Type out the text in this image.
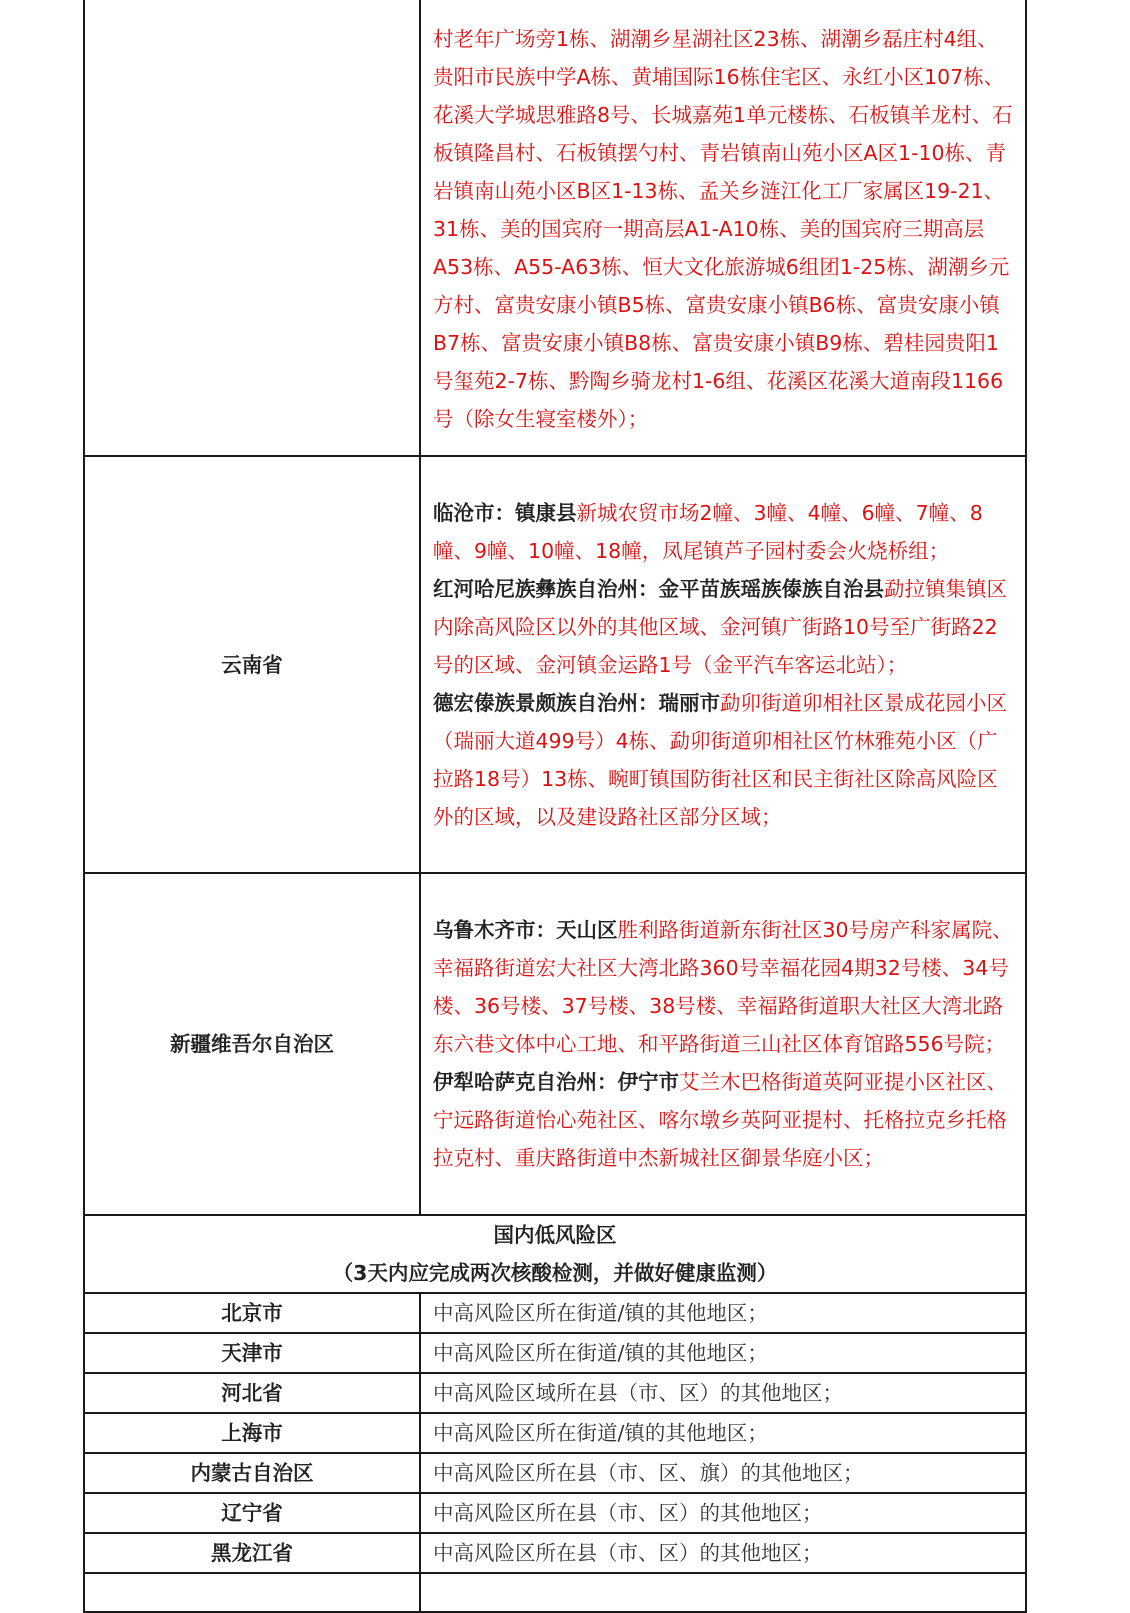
	村老年广场旁1栋、湖潮乡星湖社区23栋、湖潮乡磊庄村4组、贵阳市民族中学A栋、黄埔国际16栋住宅区、永红小区107栋、花溪大学城思雅路8号、长城嘉苑1单元楼栋、石板镇羊龙村、石板镇隆昌村、石板镇摆勺村、青岩镇南山苑小区A区1-10栋、青岩镇南山苑小区B区1-13栋、孟关乡涟江化工厂家属区19-21、31栋、美的国宾府一期高层A1-A10栋、美的国宾府三期高层A53栋、A55-A63栋、恒大文化旅游城6组团1-25栋、湖潮乡元方村、富贵安康小镇B5栋、富贵安康小镇B6栋、富贵安康小镇B7栋、富贵安康小镇B8栋、富贵安康小镇B9栋、碧桂园贵阳1号玺苑2-7栋、黔陶乡骑龙村1-6组、花溪区花溪大道南段1166号（除女生寝室楼外）；
云南省	临沧市：镇康县新城农贸市场2幢、3幢、4幢、6幢、7幢、8幢、9幢、10幢、18幢，凤尾镇芦子园村委会火烧桥组；
红河哈尼族彝族自治州：金平苗族瑶族傣族自治县勐拉镇集镇区内除高风险区以外的其他区域、金河镇广街路10号至广街路22号的区域、金河镇金运路1号（金平汽车客运北站）；
德宏傣族景颇族自治州：瑞丽市勐卯街道卯相社区景成花园小区（瑞丽大道499号）4栋、勐卯街道卯相社区竹林雅苑小区（广拉路18号）13栋、畹町镇国防街社区和民主街社区除高风险区外的区域，以及建设路社区部分区域；

新疆维吾尔自治区	乌鲁木齐市：天山区胜利路街道新东街社区30号房产科家属院、幸福路街道宏大社区大湾北路360号幸福花园4期32号楼、34号楼、36号楼、37号楼、38号楼、幸福路街道职大社区大湾北路东六巷文体中心工地、和平路街道三山社区体育馆路556号院；
伊犁哈萨克自治州：伊宁市艾兰木巴格街道英阿亚提小区社区、宁远路街道怡心苑社区、喀尔墩乡英阿亚提村、托格拉克乡托格拉克村、重庆路街道中杰新城社区御景华庭小区；

国内低风险区
（3天内应完成两次核酸检测，并做好健康监测）	

北京市	中高风险区所在街道/镇的其他地区；
天津市	中高风险区所在街道/镇的其他地区；
河北省	中高风险区域所在县（市、区）的其他地区；
上海市	中高风险区所在街道/镇的其他地区；
内蒙古自治区	中高风险区所在县（市、区、旗）的其他地区；
辽宁省	中高风险区所在县（市、区）的其他地区；
黑龙江省	中高风险区所在县（市、区）的其他地区；
